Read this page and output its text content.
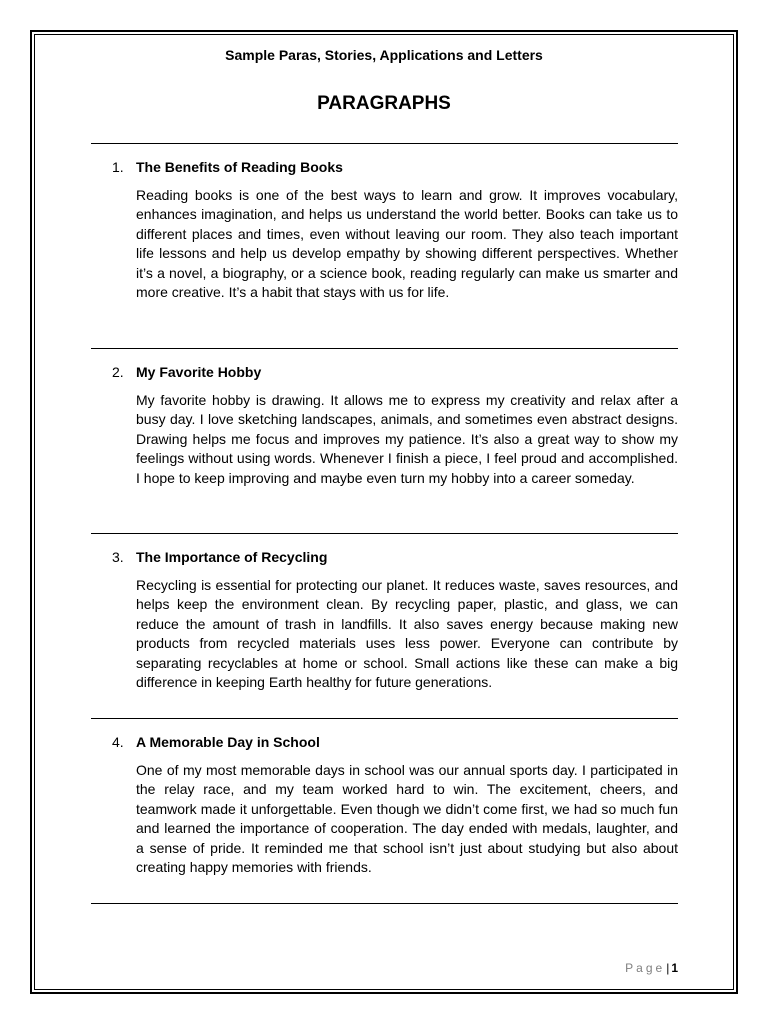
Sample Paras, Stories, Applications and Letters
PARAGRAPHS
1. The Benefits of Reading Books
Reading books is one of the best ways to learn and grow. It improves vocabulary, enhances imagination, and helps us understand the world better. Books can take us to different places and times, even without leaving our room. They also teach important life lessons and help us develop empathy by showing different perspectives. Whether it’s a novel, a biography, or a science book, reading regularly can make us smarter and more creative. It’s a habit that stays with us for life.
2. My Favorite Hobby
My favorite hobby is drawing. It allows me to express my creativity and relax after a busy day. I love sketching landscapes, animals, and sometimes even abstract designs. Drawing helps me focus and improves my patience. It’s also a great way to show my feelings without using words. Whenever I finish a piece, I feel proud and accomplished. I hope to keep improving and maybe even turn my hobby into a career someday.
3. The Importance of Recycling
Recycling is essential for protecting our planet. It reduces waste, saves resources, and helps keep the environment clean. By recycling paper, plastic, and glass, we can reduce the amount of trash in landfills. It also saves energy because making new products from recycled materials uses less power. Everyone can contribute by separating recyclables at home or school. Small actions like these can make a big difference in keeping Earth healthy for future generations.
4. A Memorable Day in School
One of my most memorable days in school was our annual sports day. I participated in the relay race, and my team worked hard to win. The excitement, cheers, and teamwork made it unforgettable. Even though we didn’t come first, we had so much fun and learned the importance of cooperation. The day ended with medals, laughter, and a sense of pride. It reminded me that school isn’t just about studying but also about creating happy memories with friends.
Page| 1
